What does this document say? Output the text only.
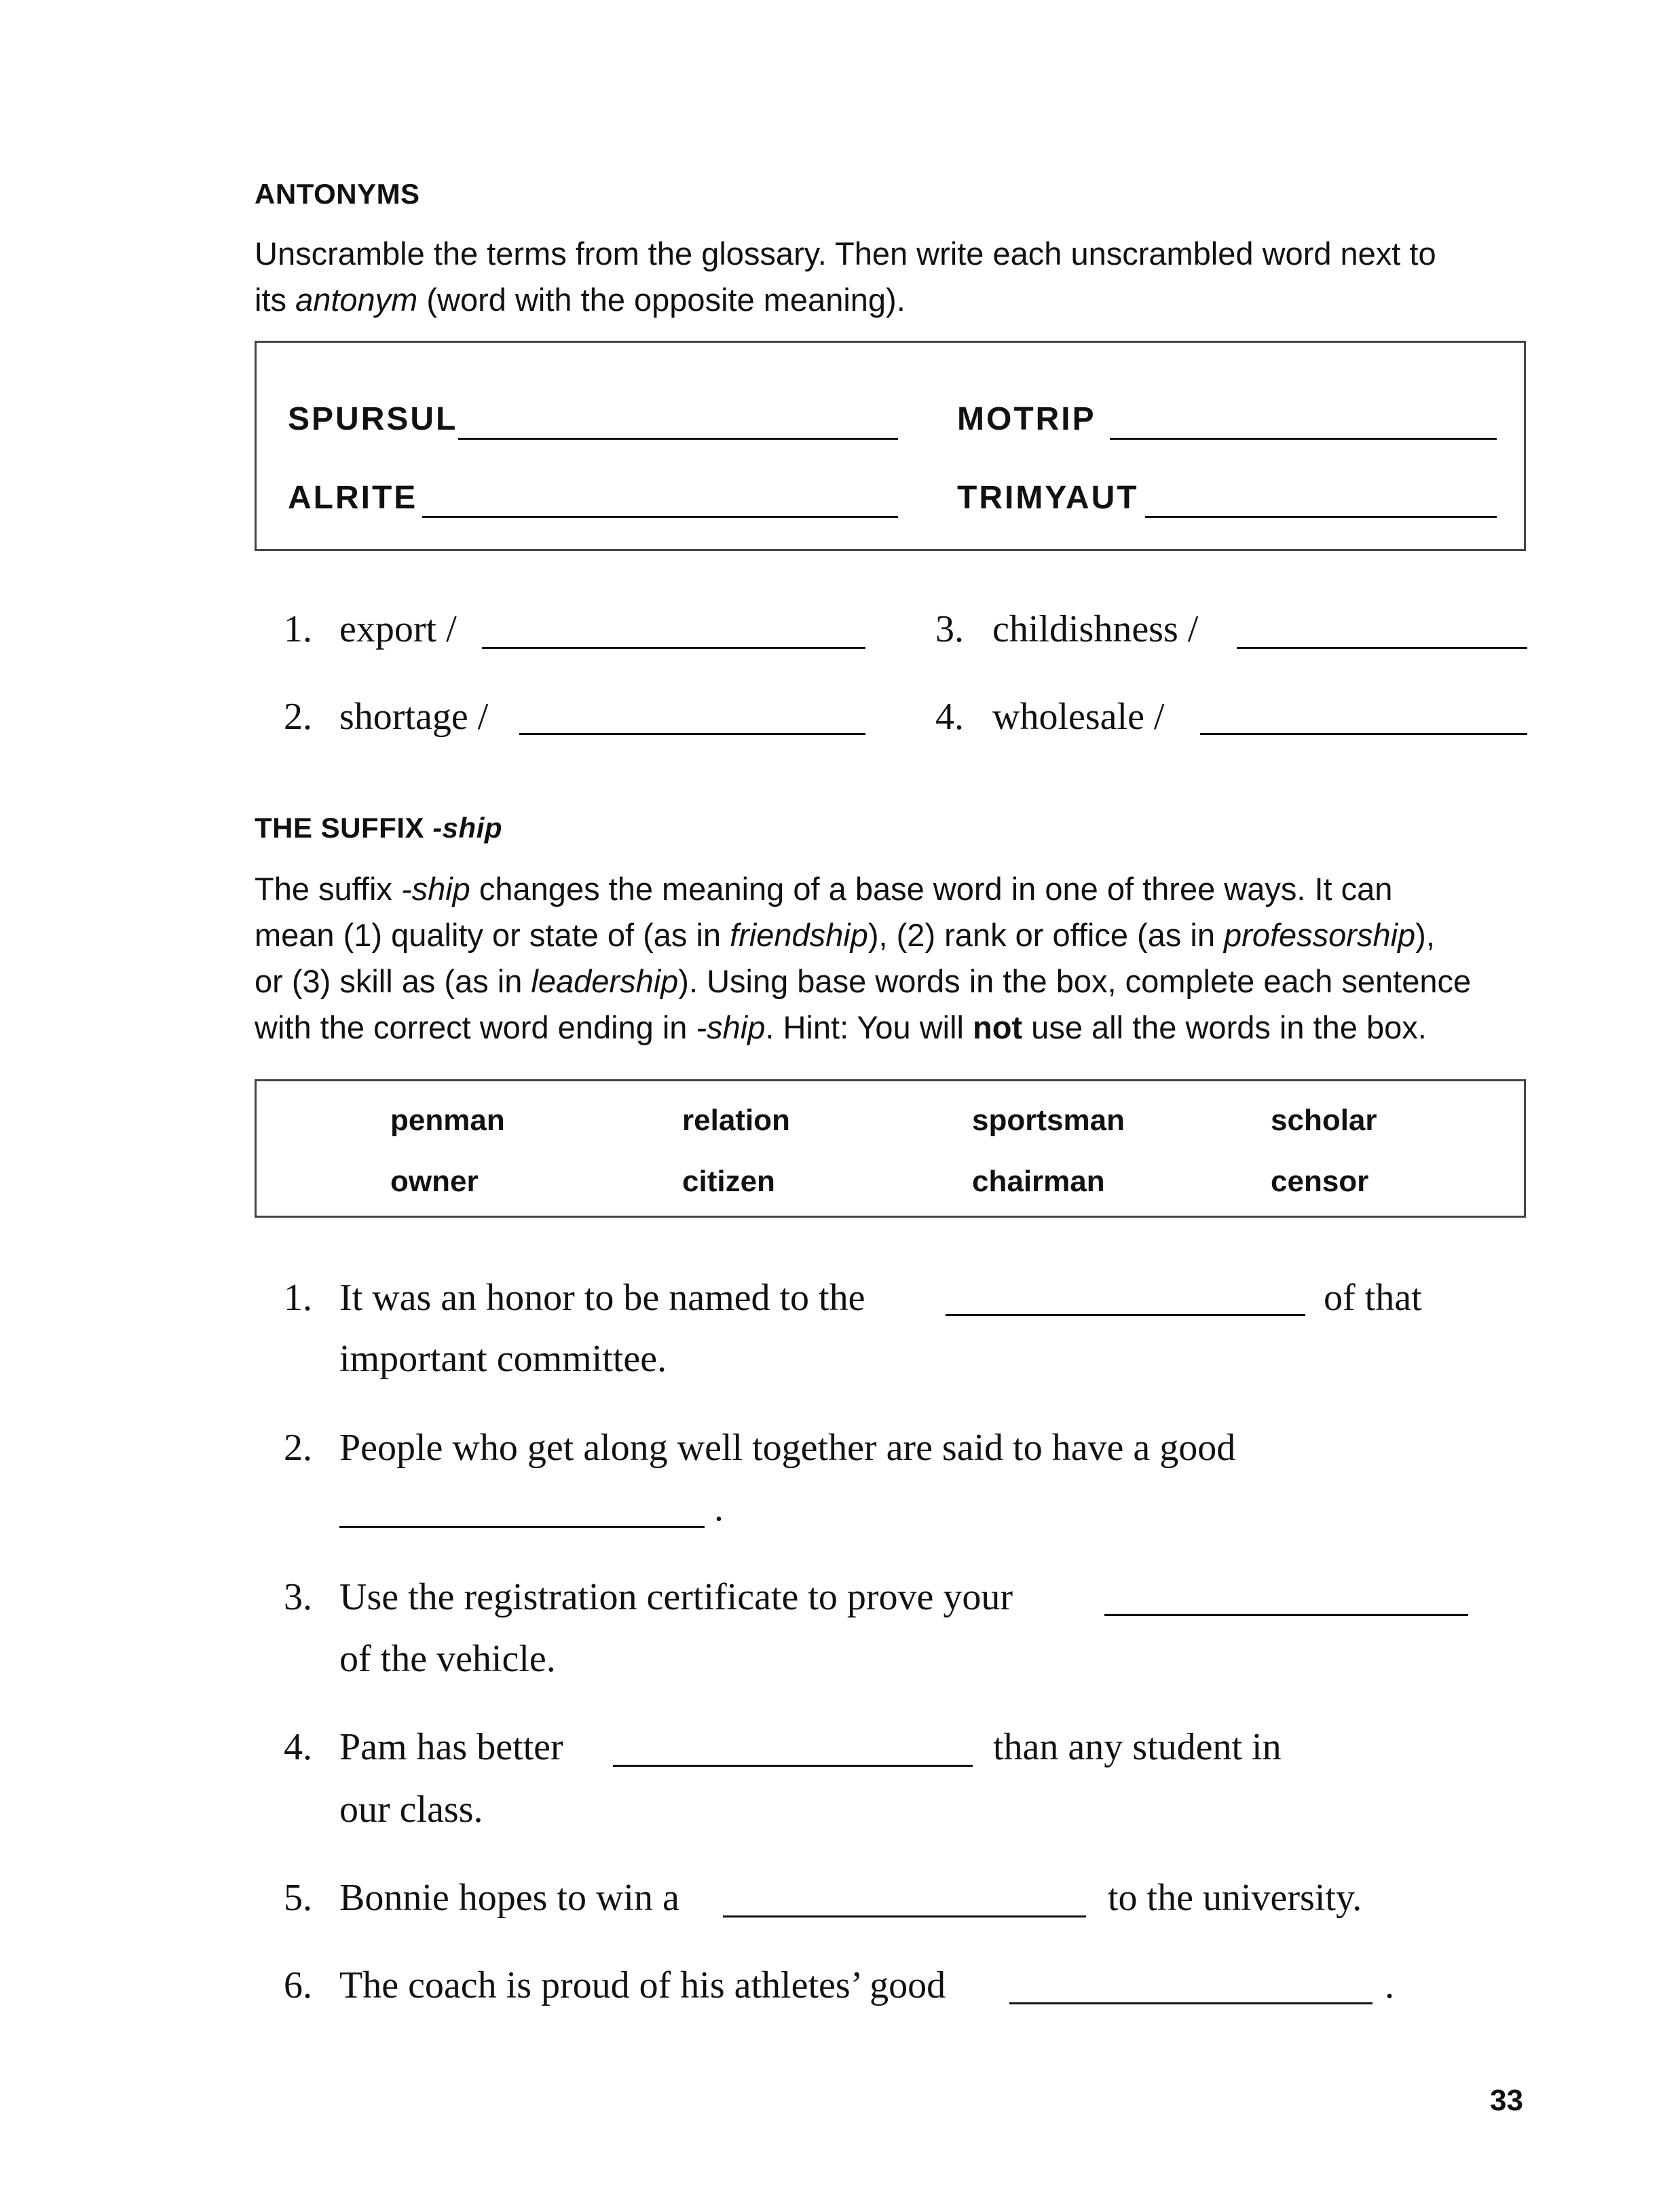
ANTONYMS
Unscramble the terms from the glossary. Then write each unscrambled word next to
its antonym (word with the opposite meaning).
SPURSUL	MOTRIP
ALRITE	TRIMYAUT
1. export /
2. shortage /
3. childishness /
4. wholesale /
THE SUFFIX -ship
The suffix -ship changes the meaning of a base word in one of three ways. It can
mean (1) quality or state of (as in friendship), (2) rank or office (as in professorship),
or (3) skill as (as in leadership). Using base words in the box, complete each sentence
with the correct word ending in -ship. Hint: You will not use all the words in the box.
penman	relation	sportsman	scholar
owner	citizen	chairman	censor
1. It was an honor to be named to the	of that
important committee.
2. People who get along well together are said to have a good
.
3. Use the registration certificate to prove your
of the vehicle.
4. Pam has better	than any student in
our class.
5. Bonnie hopes to win a	to the university.
6. The coach is proud of his athletes’ good	.
33
